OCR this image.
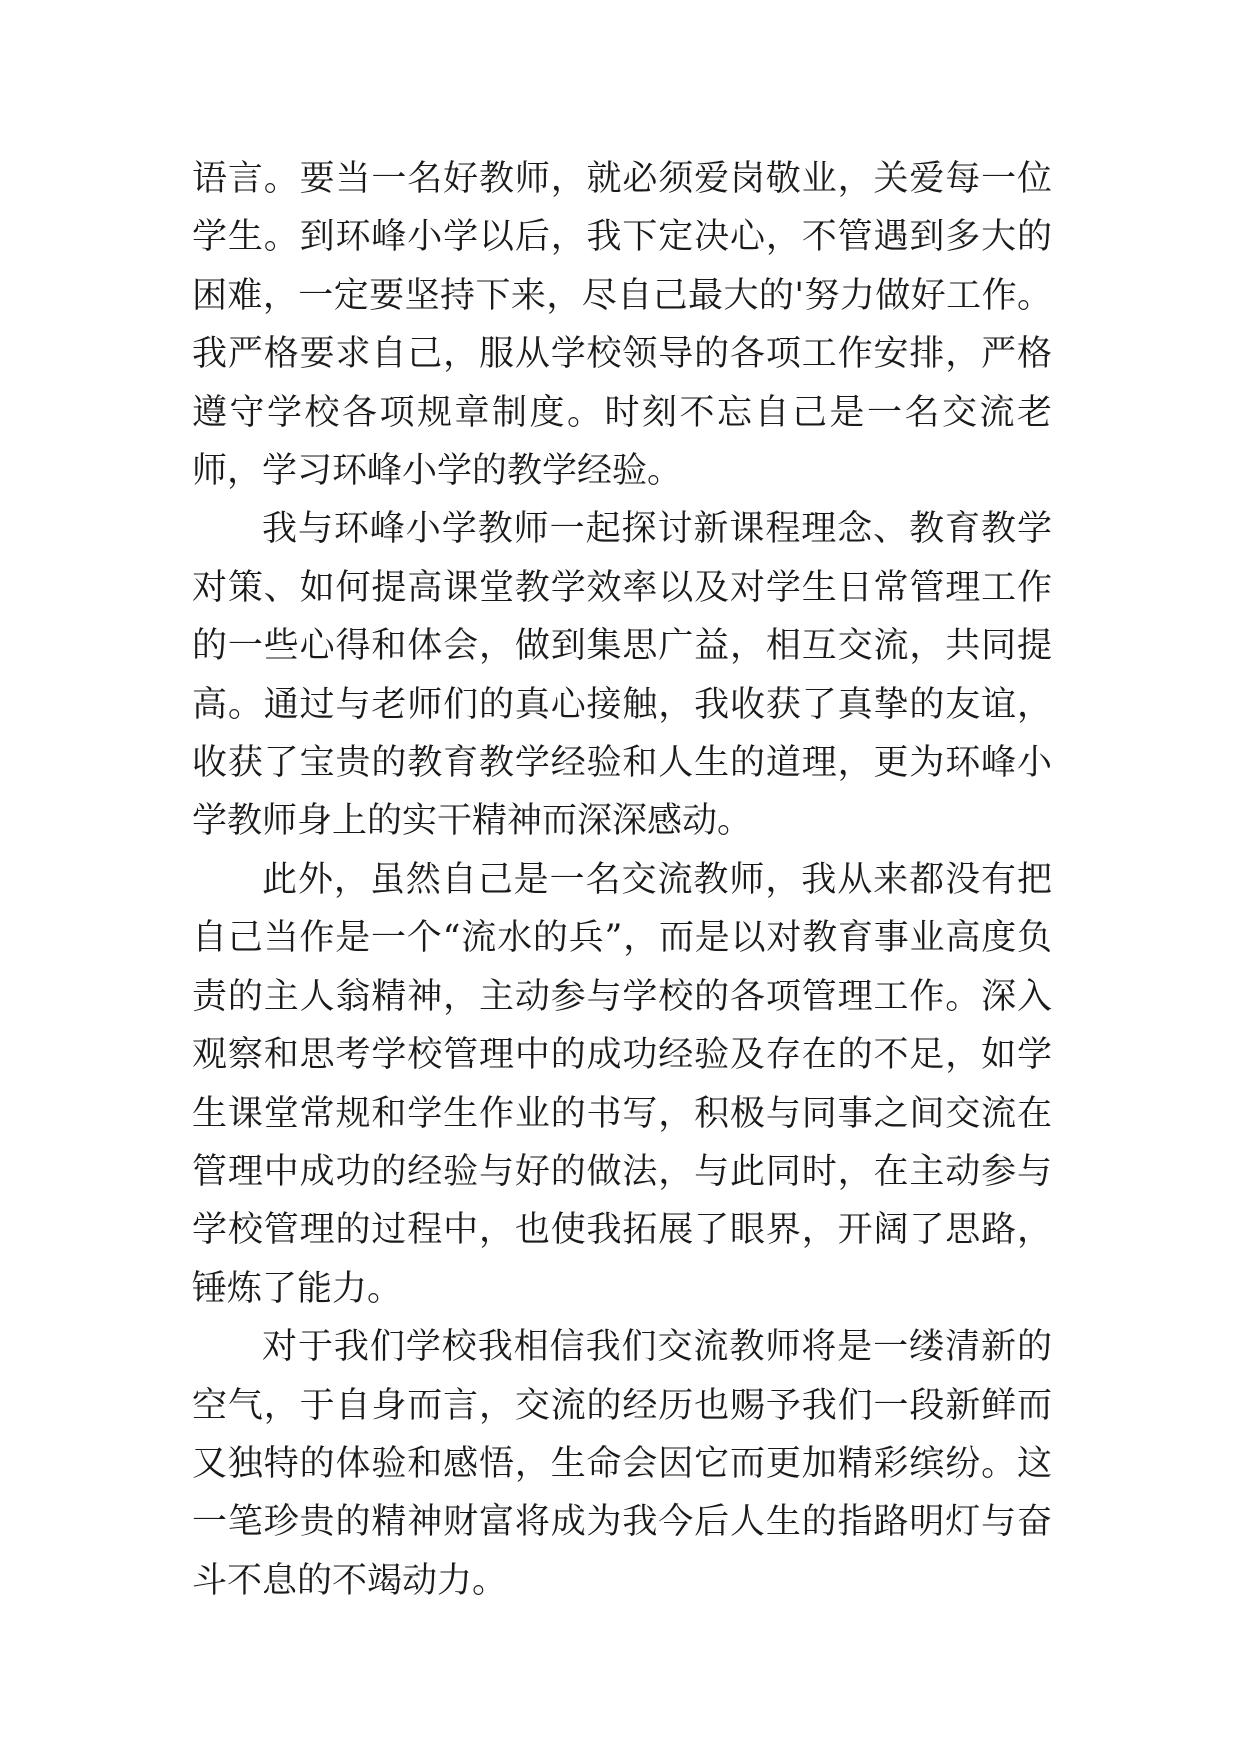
语言。要当一名好教师，就必须爱岗敬业，关爱每一位学生。到环峰小学以后，我下定决心，不管遇到多大的困难，一定要坚持下来，尽自己最大的'努力做好工作。我严格要求自己，服从学校领导的各项工作安排，严格遵守学校各项规章制度。时刻不忘自己是一名交流老师，学习环峰小学的教学经验。

我与环峰小学教师一起探讨新课程理念、教育教学对策、如何提高课堂教学效率以及对学生日常管理工作的一些心得和体会，做到集思广益，相互交流，共同提高。通过与老师们的真心接触，我收获了真挚的友谊，收获了宝贵的教育教学经验和人生的道理，更为环峰小学教师身上的实干精神而深深感动。

此外，虽然自己是一名交流教师，我从来都没有把自己当作是一个“流水的兵”，而是以对教育事业高度负责的主人翁精神，主动参与学校的各项管理工作。深入观察和思考学校管理中的成功经验及存在的不足，如学生课堂常规和学生作业的书写，积极与同事之间交流在管理中成功的经验与好的做法，与此同时，在主动参与学校管理的过程中，也使我拓展了眼界，开阔了思路，锤炼了能力。

对于我们学校我相信我们交流教师将是一缕清新的空气，于自身而言，交流的经历也赐予我们一段新鲜而又独特的体验和感悟，生命会因它而更加精彩缤纷。这一笔珍贵的精神财富将成为我今后人生的指路明灯与奋斗不息的不竭动力。
